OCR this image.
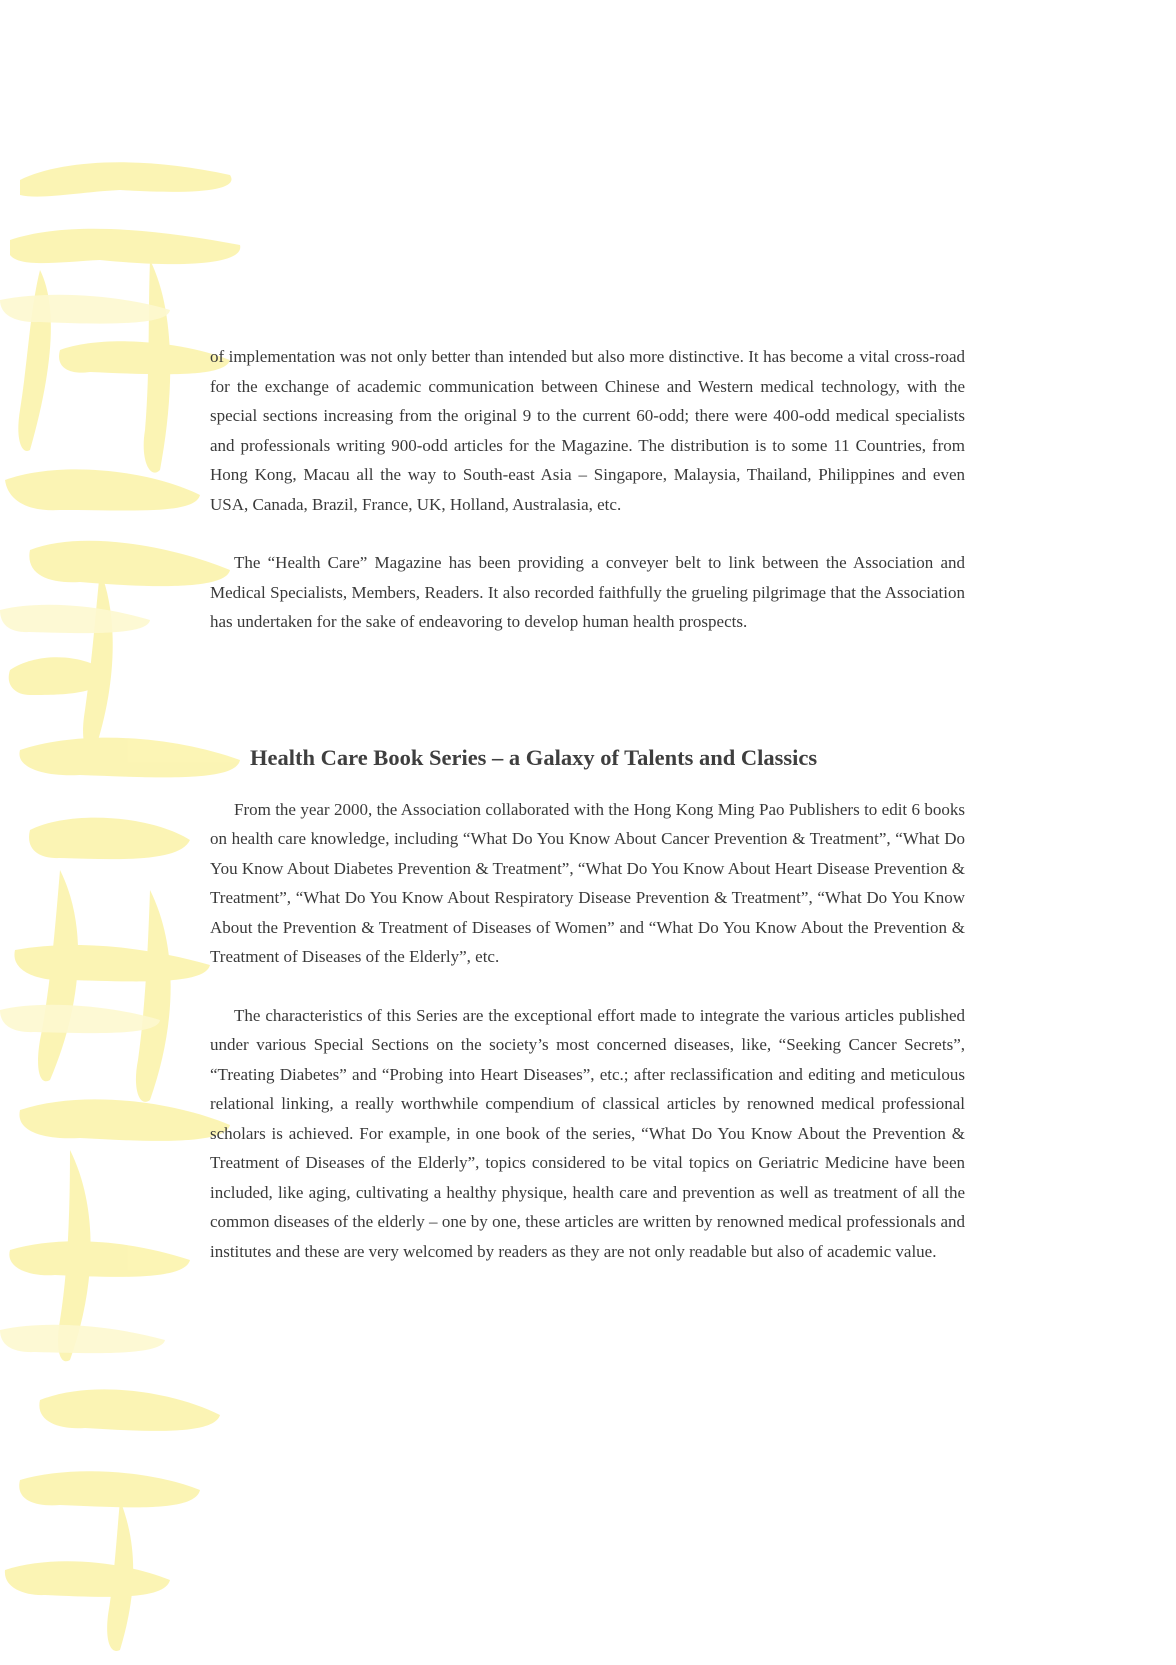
of implementation was not only better than intended but also more distinctive. It has become a vital cross-road for the exchange of academic communication between Chinese and Western medical technology, with the special sections increasing from the original 9 to the current 60-odd; there were 400-odd medical specialists and professionals writing 900-odd articles for the Magazine. The distribution is to some 11 Countries, from Hong Kong, Macau all the way to South-east Asia – Singapore, Malaysia, Thailand, Philippines and even USA, Canada, Brazil, France, UK, Holland, Australasia, etc.

The “Health Care” Magazine has been providing a conveyer belt to link between the Association and Medical Specialists, Members, Readers. It also recorded faithfully the grueling pilgrimage that the Association has undertaken for the sake of endeavoring to develop human health prospects.

Health Care Book Series – a Galaxy of Talents and Classics

From the year 2000, the Association collaborated with the Hong Kong Ming Pao Publishers to edit 6 books on health care knowledge, including “What Do You Know About Cancer Prevention & Treatment”, “What Do You Know About Diabetes Prevention & Treatment”, “What Do You Know About Heart Disease Prevention & Treatment”, “What Do You Know About Respiratory Disease Prevention & Treatment”, “What Do You Know About the Prevention & Treatment of Diseases of Women” and “What Do You Know About the Prevention & Treatment of Diseases of the Elderly”, etc.

The characteristics of this Series are the exceptional effort made to integrate the various articles published under various Special Sections on the society’s most concerned diseases, like, “Seeking Cancer Secrets”, “Treating Diabetes” and “Probing into Heart Diseases”, etc.; after reclassification and editing and meticulous relational linking, a really worthwhile compendium of classical articles by renowned medical professional scholars is achieved. For example, in one book of the series, “What Do You Know About the Prevention & Treatment of Diseases of the Elderly”, topics considered to be vital topics on Geriatric Medicine have been included, like aging, cultivating a healthy physique, health care and prevention as well as treatment of all the common diseases of the elderly – one by one, these articles are written by renowned medical professionals and institutes and these are very welcomed by readers as they are not only readable but also of academic value.
